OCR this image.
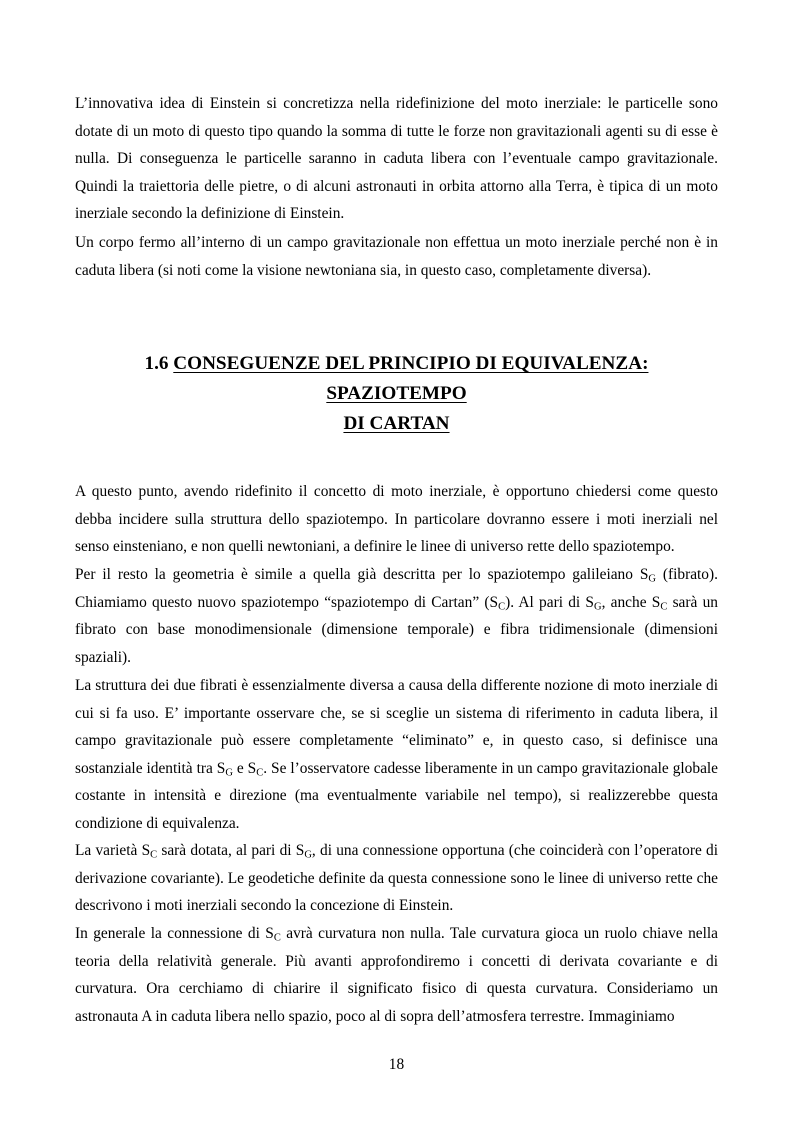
L’innovativa idea di Einstein si concretizza nella ridefinizione del moto inerziale: le particelle sono dotate di un moto di questo tipo quando la somma di tutte le forze non gravitazionali agenti su di esse è nulla. Di conseguenza le particelle saranno in caduta libera con l’eventuale campo gravitazionale. Quindi la traiettoria delle pietre, o di alcuni astronauti in orbita attorno alla Terra, è tipica di un moto inerziale secondo la definizione di Einstein.

Un corpo fermo all’interno di un campo gravitazionale non effettua un moto inerziale perché non è in caduta libera (si noti come la visione newtoniana sia, in questo caso, completamente diversa).

1.6 CONSEGUENZE DEL PRINCIPIO DI EQUIVALENZA: SPAZIOTEMPO
DI CARTAN

A questo punto, avendo ridefinito il concetto di moto inerziale, è opportuno chiedersi come questo debba incidere sulla struttura dello spaziotempo. In particolare dovranno essere i moti inerziali nel senso einsteniano, e non quelli newtoniani, a definire le linee di universo rette dello spaziotempo.

Per il resto la geometria è simile a quella già descritta per lo spaziotempo galileiano $S_G$ (fibrato). Chiamiamo questo nuovo spaziotempo “spaziotempo di Cartan” $(S_C)$. Al pari di $S_G$, anche $S_C$ sarà un fibrato con base monodimensionale (dimensione temporale) e fibra tridimensionale (dimensioni spaziali).

La struttura dei due fibrati è essenzialmente diversa a causa della differente nozione di moto inerziale di cui si fa uso. E’ importante osservare che, se si sceglie un sistema di riferimento in caduta libera, il campo gravitazionale può essere completamente “eliminato” e, in questo caso, si definisce una sostanziale identità tra $S_G$ e $S_C$. Se l’osservatore cadesse liberamente in un campo gravitazionale globale costante in intensità e direzione (ma eventualmente variabile nel tempo), si realizzerebbe questa condizione di equivalenza.

La varietà $S_C$ sarà dotata, al pari di $S_G$, di una connessione opportuna (che coinciderà con l’operatore di derivazione covariante). Le geodetiche definite da questa connessione sono le linee di universo rette che descrivono i moti inerziali secondo la concezione di Einstein.

In generale la connessione di $S_C$ avrà curvatura non nulla. Tale curvatura gioca un ruolo chiave nella teoria della relatività generale. Più avanti approfondiremo i concetti di derivata covariante e di curvatura. Ora cerchiamo di chiarire il significato fisico di questa curvatura. Consideriamo un astronauta A in caduta libera nello spazio, poco al di sopra dell’atmosfera terrestre. Immaginiamo

18
